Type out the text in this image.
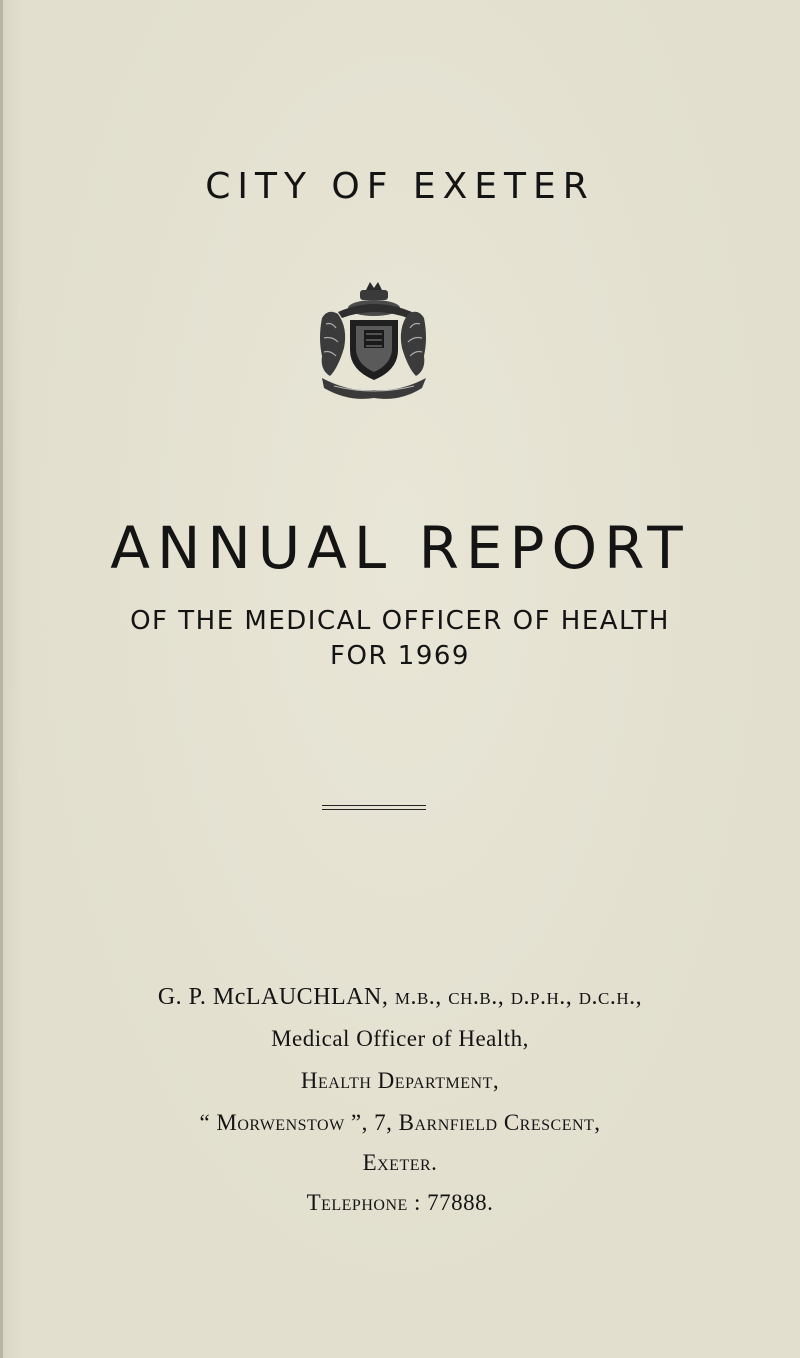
CITY OF EXETER
ANNUAL REPORT
OF THE MEDICAL OFFICER OF HEALTH
FOR 1969
G. P. McLAUCHLAN, m.b., ch.b., d.p.h., d.c.h.,
Medical Officer of Health,
Health Department,
“ Morwenstow ”, 7, Barnfield Crescent,
Exeter.
Telephone : 77888.
